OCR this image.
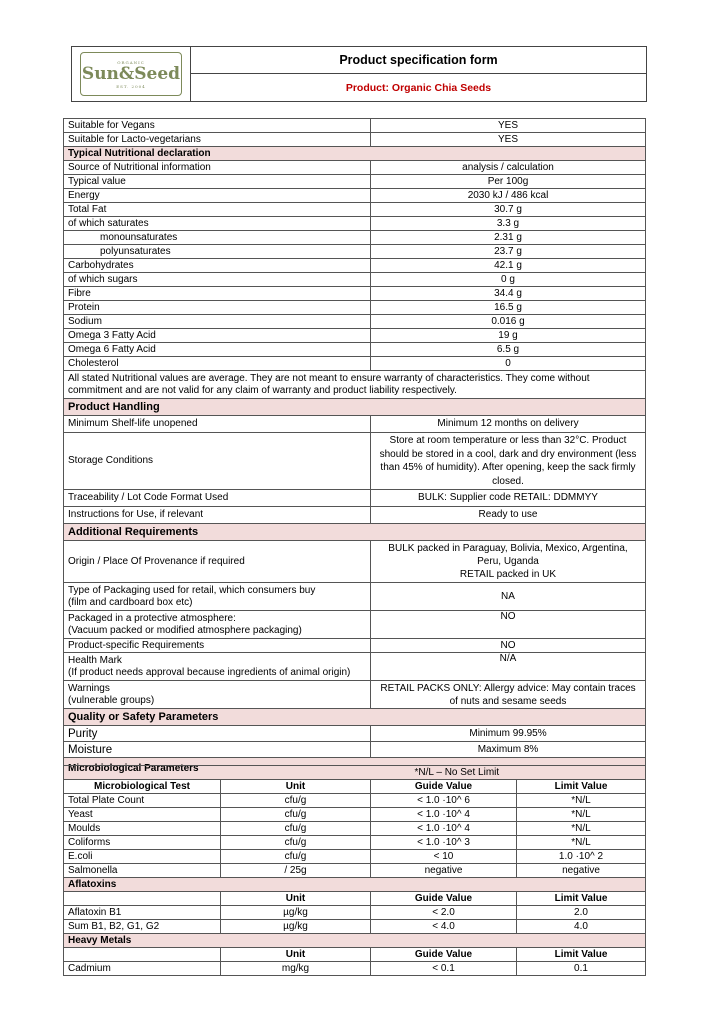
ORGANIC
Sun&Seed
EST. 2004
Product specification form
Product: Organic Chia Seeds
Suitable for Vegans	YES
Suitable for Lacto-vegetarians	YES
Typical Nutritional declaration	
Source of Nutritional information	analysis / calculation
Typical value	Per 100g
Energy	2030 kJ / 486 kcal
Total Fat	30.7 g
of which saturates	3.3 g
monounsaturates	2.31 g
polyunsaturates	23.7 g
Carbohydrates	42.1 g
of which sugars	0 g
Fibre	34.4 g
Protein	16.5 g
Sodium	0.016 g
Omega 3 Fatty Acid	19 g
Omega 6 Fatty Acid	6.5 g
Cholesterol	0
All stated Nutritional values are average. They are not meant to ensure warranty of characteristics. They come without commitment and are not valid for any claim of warranty and product liability respectively.	
Product Handling	
Minimum Shelf-life unopened	Minimum 12 months on delivery
Storage Conditions	Store at room temperature or less than 32°C. Product should be stored in a cool, dark and dry environment (less than 45% of humidity). After opening, keep the sack firmly closed.
Traceability / Lot Code Format Used	BULK: Supplier code RETAIL: DDMMYY
Instructions for Use, if relevant	Ready to use
Additional Requirements	
Origin / Place Of Provenance if required	BULK packed in Paraguay, Bolivia, Mexico, Argentina, Peru, Uganda
RETAIL packed in UK

Type of Packaging used for retail, which consumers buy
(film and cardboard box etc)	NA

Packaged in a protective atmosphere:
(Vacuum packed or modified atmosphere packaging)	NO
Product-specific Requirements	NO

Health Mark
(If product needs approval because ingredients of animal origin)	N/A

Warnings
(vulnerable groups)	RETAIL PACKS ONLY: Allergy advice: May contain traces of nuts and sesame seeds
Quality or Safety Parameters	
Purity	Minimum 99.95%
Moisture	Maximum 8%
Microbiological Parameters	
		*N/L – No Set Limit	
Microbiological Test	Unit	Guide Value	Limit Value
Total Plate Count	cfu/g	< 1.0 ·10^ 6	*N/L
Yeast	cfu/g	< 1.0 ·10^ 4	*N/L
Moulds	cfu/g	< 1.0 ·10^ 4	*N/L
Coliforms	cfu/g	< 1.0 ·10^ 3	*N/L
E.coli	cfu/g	< 10	1.0 ·10^ 2
Salmonella	/ 25g	negative	negative
Aflatoxins			
	Unit	Guide Value	Limit Value
Aflatoxin B1	µg/kg	< 2.0	2.0
Sum B1, B2, G1, G2	µg/kg	< 4.0	4.0
Heavy Metals			
	Unit	Guide Value	Limit Value
Cadmium	mg/kg	< 0.1	0.1
